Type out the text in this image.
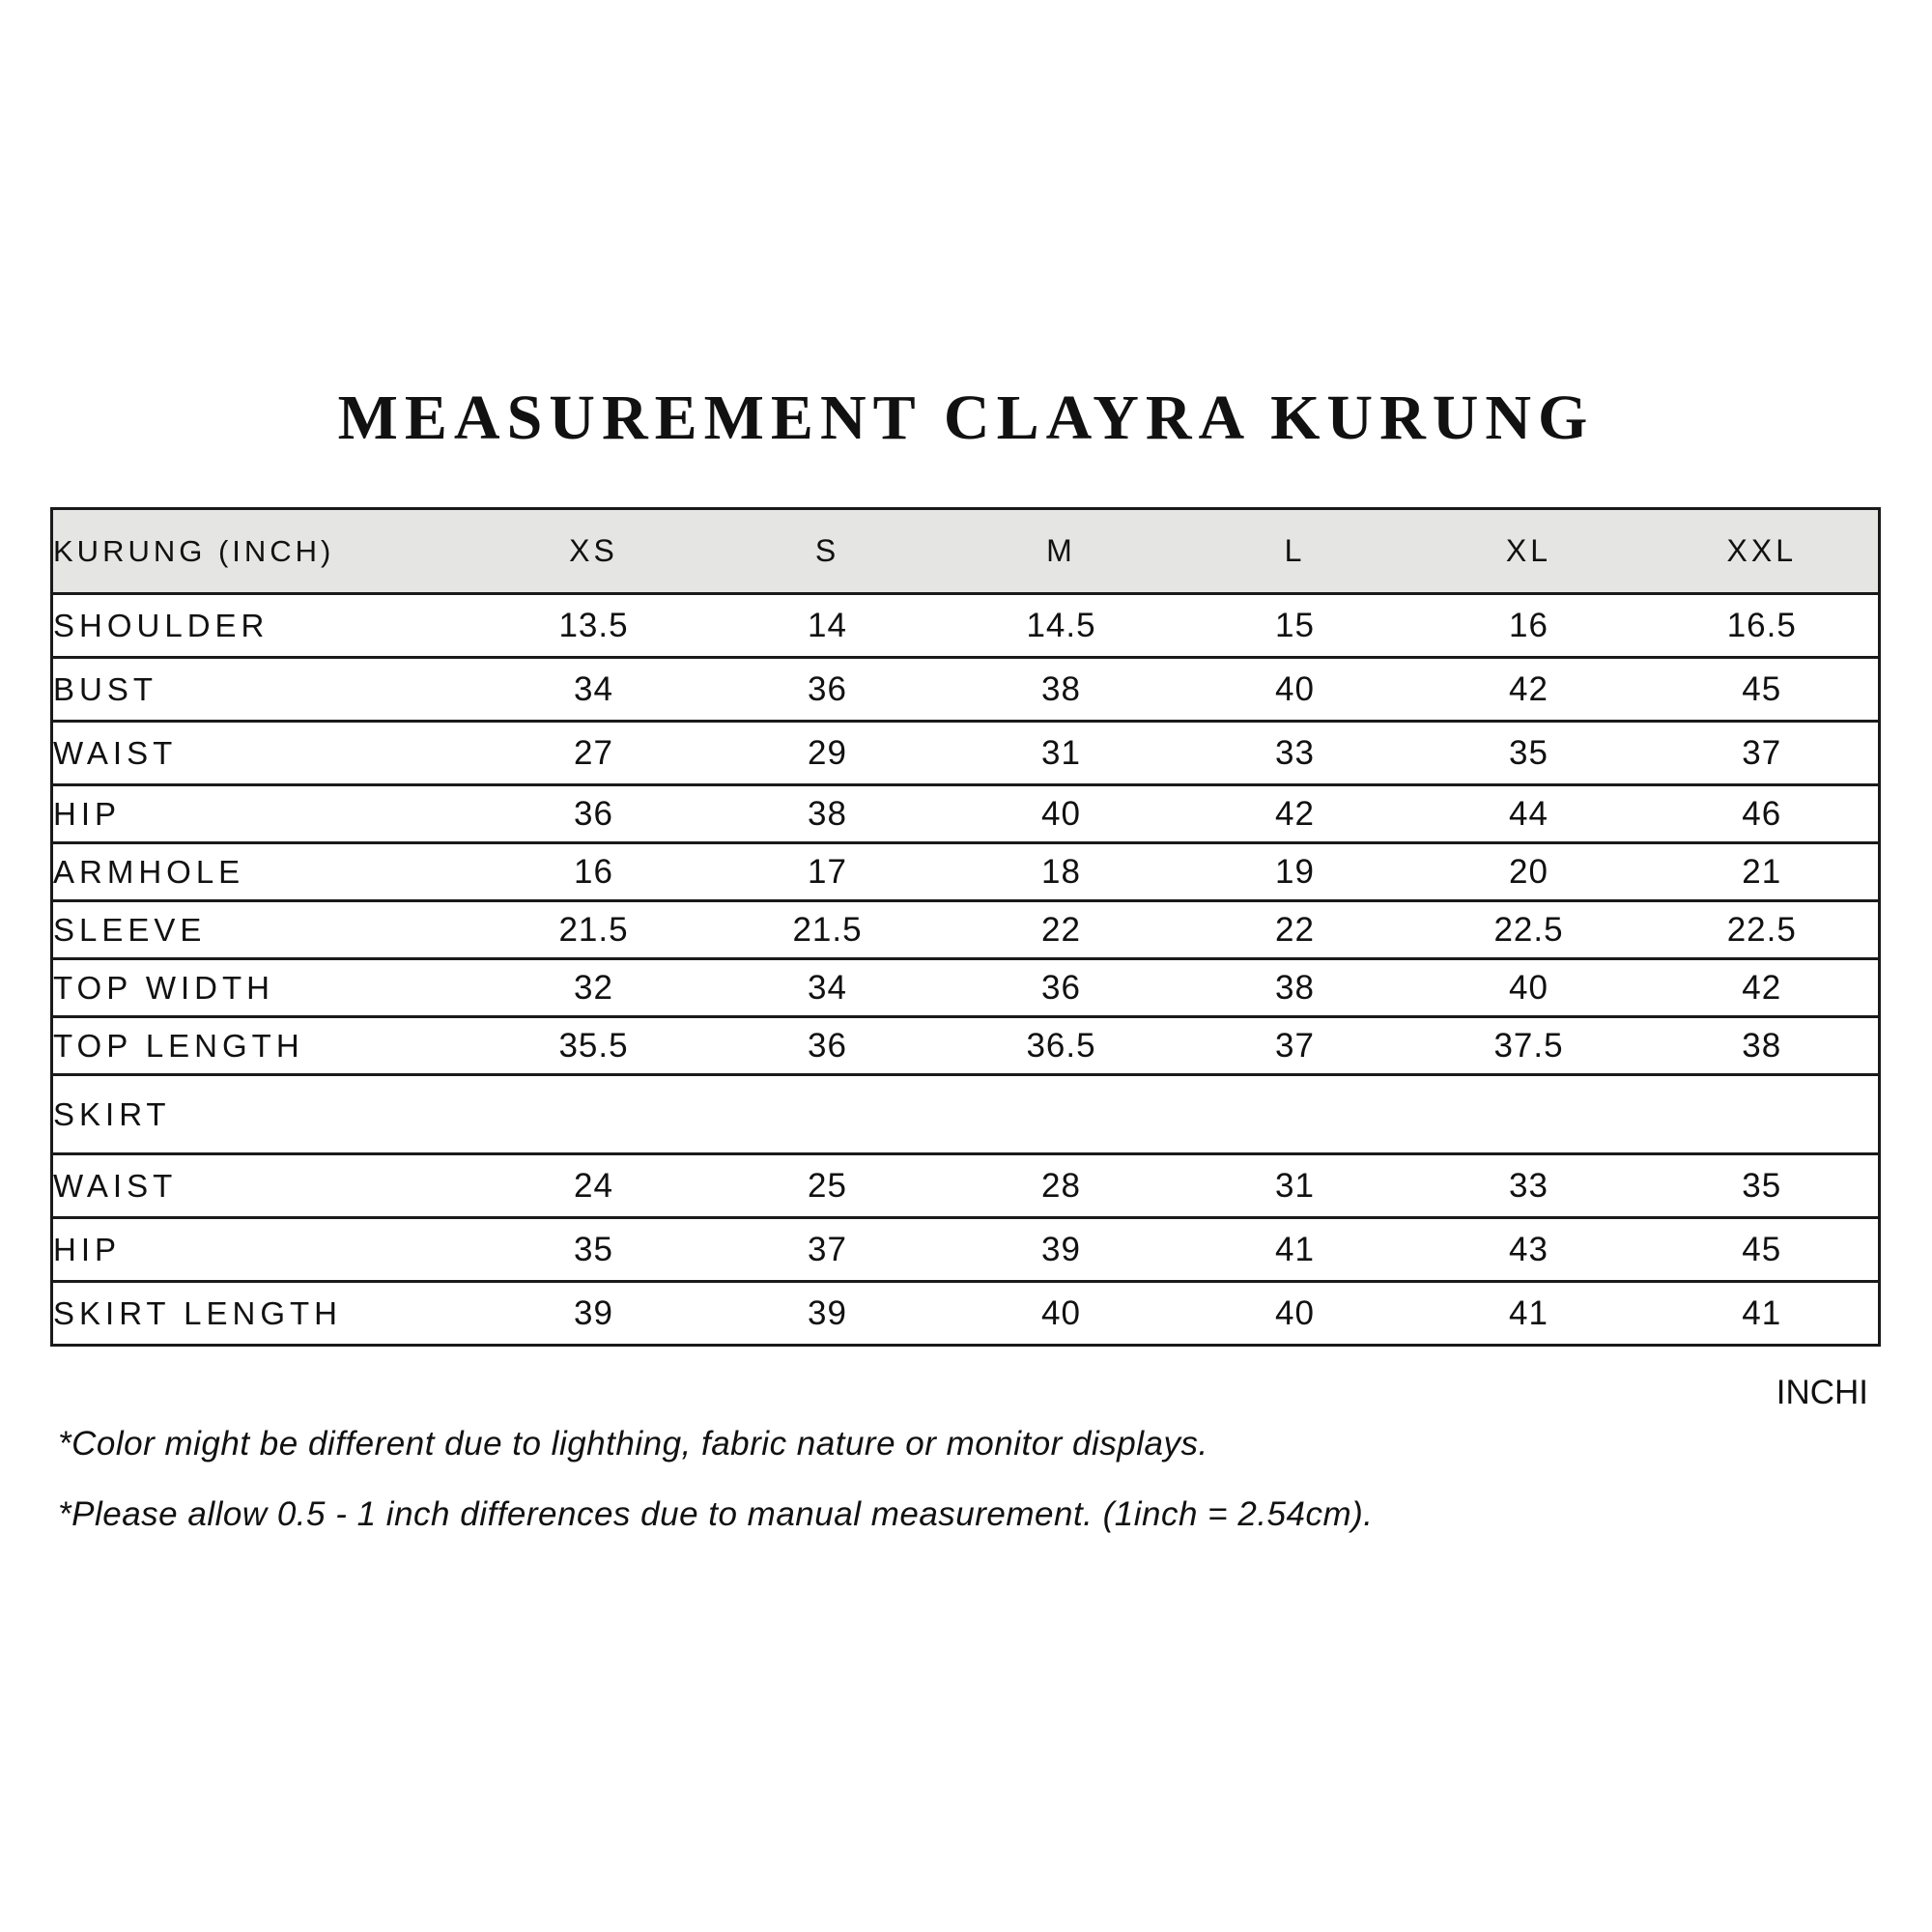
MEASUREMENT CLAYRA KURUNG
KURUNG (INCH)	XS	S	M	L	XL	XXL
SHOULDER	13.5	14	14.5	15	16	16.5
BUST	34	36	38	40	42	45
WAIST	27	29	31	33	35	37
HIP	36	38	40	42	44	46
ARMHOLE	16	17	18	19	20	21
SLEEVE	21.5	21.5	22	22	22.5	22.5
TOP WIDTH	32	34	36	38	40	42
TOP LENGTH	35.5	36	36.5	37	37.5	38
SKIRT						
WAIST	24	25	28	31	33	35
HIP	35	37	39	41	43	45
SKIRT LENGTH	39	39	40	40	41	41
INCHI
*Color might be different due to lighthing, fabric nature or monitor displays.
*Please allow 0.5 - 1 inch differences due to manual measurement. (1inch = 2.54cm).
